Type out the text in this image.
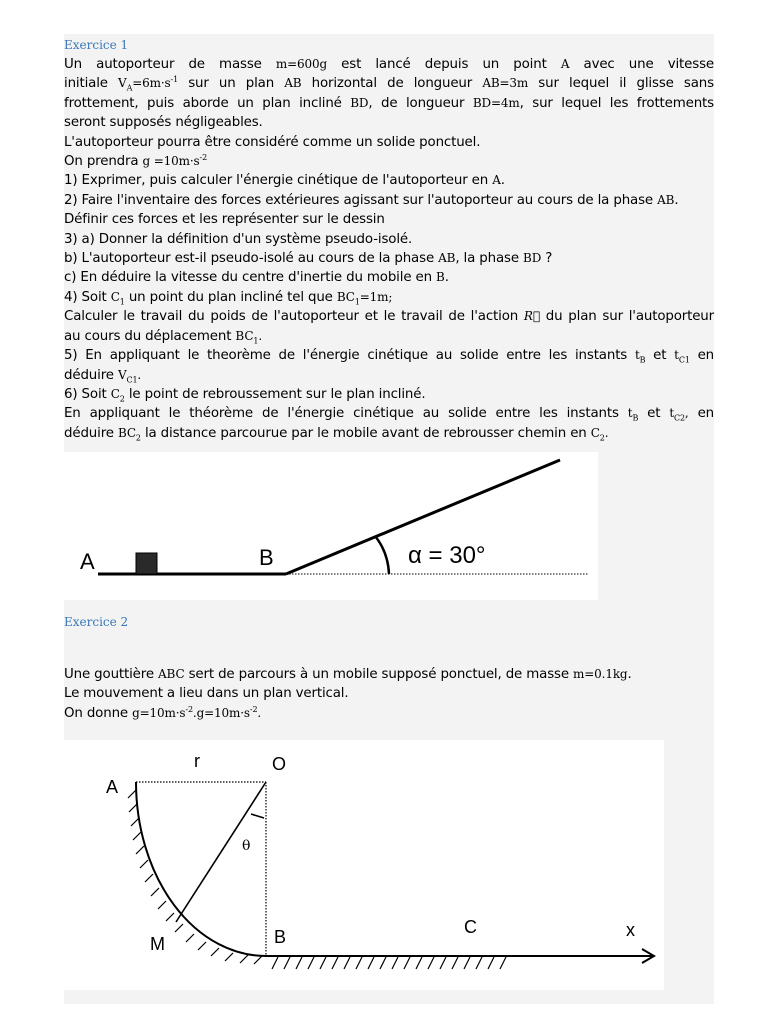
Exercice 1
Un autoporteur de masse m=600g est lancé depuis un point A avec une vitesse
initiale $V_A=6m\cdot s^{-1}$ sur un plan AB horizontal de longueur AB=3m sur lequel il glisse sans
frottement, puis aborde un plan incliné BD, de longueur BD=4m, sur lequel les frottements
seront supposés négligeables.
L'autoporteur pourra être considéré comme un solide ponctuel.
On prendra $g =10m\cdot s^{-2}$
1) Exprimer, puis calculer l'énergie cinétique de l'autoporteur en A.
2) Faire l'inventaire des forces extérieures agissant sur l'autoporteur au cours de la phase AB.
Définir ces forces et les représenter sur le dessin
3) a) Donner la définition d'un système pseudo-isolé.
b) L'autoporteur est-il pseudo-isolé au cours de la phase AB, la phase BD ?
c) En déduire la vitesse du centre d'inertie du mobile en B.
4) Soit $C_1$ un point du plan incliné tel que $BC_1=1m$;
Calculer le travail du poids de l'autoporteur et le travail de l'action R⃗ du plan sur l'autoporteur
au cours du déplacement $BC_1$.
5) En appliquant le theorème de l'énergie cinétique au solide entre les instants $t_B$ et $t_{C1}$ en
déduire $V_{C1}$.
6) Soit $C_2$ le point de rebroussement sur le plan incliné.
En appliquant le théorème de l'énergie cinétique au solide entre les instants $t_B$ et $t_{C2}$, en
déduire $BC_2$ la distance parcourue par le mobile avant de rebrousser chemin en $C_2$.
A	B	α = 30°
Exercice 2
Une gouttière ABC sert de parcours à un mobile supposé ponctuel, de masse m=0.1kg.
Le mouvement a lieu dans un plan vertical.
On donne $g=10m\cdot s^{-2}.g=10m\cdot s^{-2}$.
A
r	O
θ
M	B	C	x
